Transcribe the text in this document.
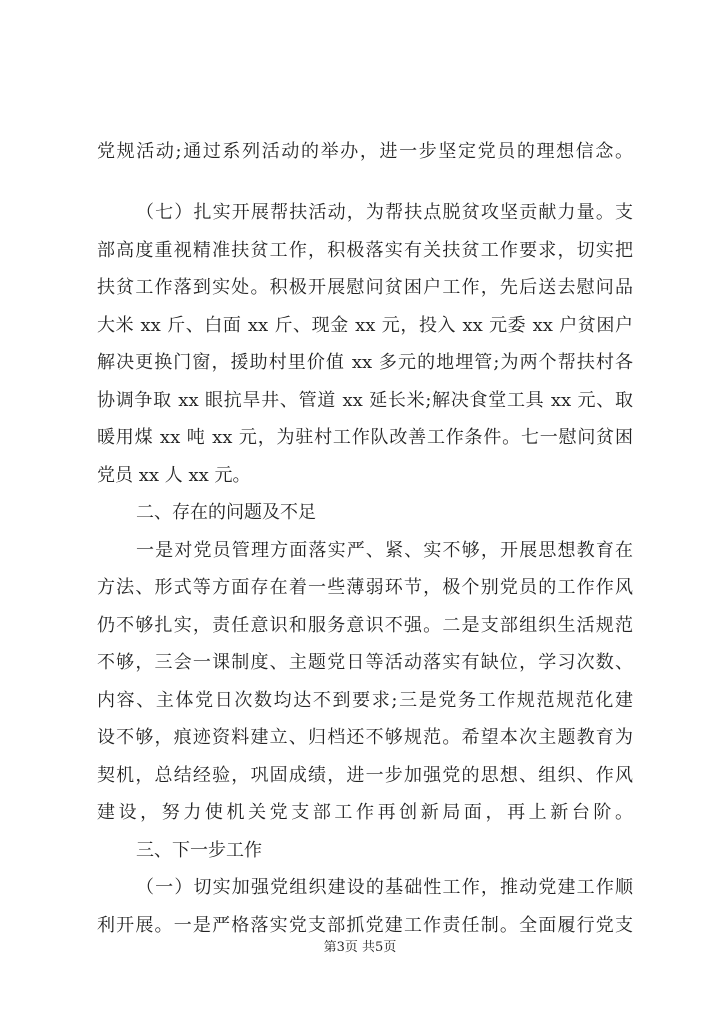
党规活动;通过系列活动的举办，进一步坚定党员的理想信念。
（七）扎实开展帮扶活动，为帮扶点脱贫攻坚贡献力量。支
部高度重视精准扶贫工作，积极落实有关扶贫工作要求，切实把
扶贫工作落到实处。积极开展慰问贫困户工作，先后送去慰问品
大米 xx 斤、白面 xx 斤、现金 xx 元，投入 xx 元委 xx 户贫困户
解决更换门窗，援助村里价值 xx 多元的地埋管;为两个帮扶村各
协调争取 xx 眼抗旱井、管道 xx 延长米;解决食堂工具 xx 元、取
暖用煤 xx 吨 xx 元，为驻村工作队改善工作条件。七一慰问贫困
党员 xx 人 xx 元。
二、存在的问题及不足
一是对党员管理方面落实严、紧、实不够，开展思想教育在
方法、形式等方面存在着一些薄弱环节，极个别党员的工作作风
仍不够扎实，责任意识和服务意识不强。二是支部组织生活规范
不够，三会一课制度、主题党日等活动落实有缺位，学习次数、
内容、主体党日次数均达不到要求;三是党务工作规范规范化建
设不够，痕迹资料建立、归档还不够规范。希望本次主题教育为
契机，总结经验，巩固成绩，进一步加强党的思想、组织、作风
建设，努力使机关党支部工作再创新局面，再上新台阶。
三、下一步工作
（一）切实加强党组织建设的基础性工作，推动党建工作顺
利开展。一是严格落实党支部抓党建工作责任制。全面履行党支
第3页 共5页
